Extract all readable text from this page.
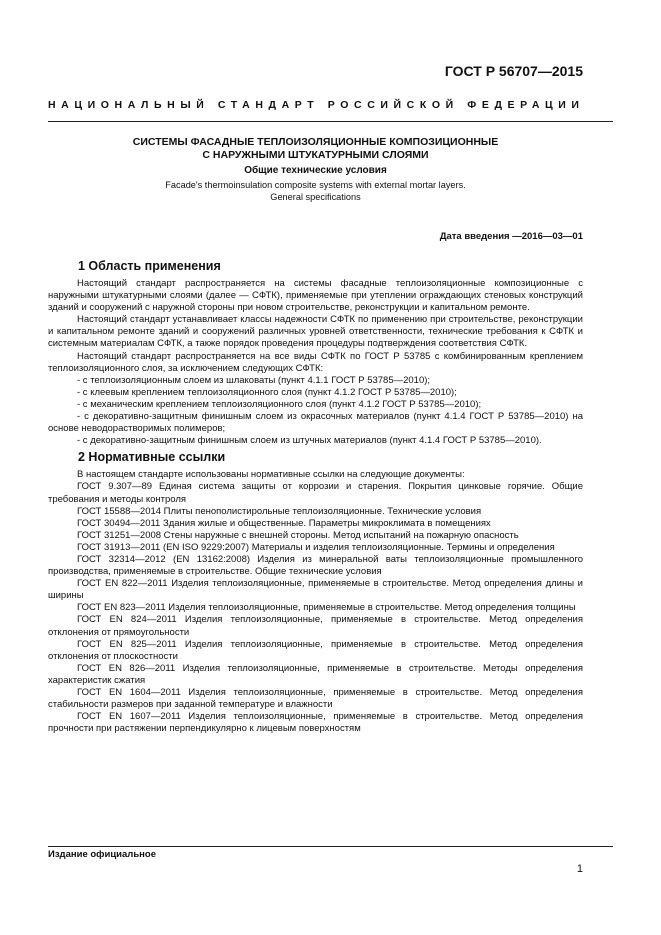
ГОСТ Р 56707—2015
НАЦИОНАЛЬНЫЙ СТАНДАРТ РОССИЙСКОЙ ФЕДЕРАЦИИ
СИСТЕМЫ ФАСАДНЫЕ ТЕПЛОИЗОЛЯЦИОННЫЕ КОМПОЗИЦИОННЫЕ
С НАРУЖНЫМИ ШТУКАТУРНЫМИ СЛОЯМИ
Общие технические условия
Facade's thermoinsulation composite systems with external mortar layers.
General specifications
Дата введения —2016—03—01
1 Область применения

Настоящий стандарт распространяется на системы фасадные теплоизоляционные композиционные с наружными штукатурными слоями (далее — СФТК), применяемые при утеплении ограждающих стеновых конструкций зданий и сооружений с наружной стороны при новом строительстве, реконструкции и капитальном ремонте.

Настоящий стандарт устанавливает классы надежности СФТК по применению при строительстве, реконструкции и капитальном ремонте зданий и сооружений различных уровней ответственности, технические требования к СФТК и системным материалам СФТК, а также порядок проведения процедуры подтверждения соответствия СФТК.

Настоящий стандарт распространяется на все виды СФТК по ГОСТ Р 53785 с комбинированным креплением теплоизоляционного слоя, за исключением следующих СФТК:

- с теплоизоляционным слоем из шлаковаты (пункт 4.1.1 ГОСТ Р 53785—2010);

- с клеевым креплением теплоизоляционного слоя (пункт 4.1.2 ГОСТ Р 53785—2010);

- с механическим креплением теплоизоляционного слоя (пункт 4.1.2 ГОСТ Р 53785—2010);

- с декоративно-защитным финишным слоем из окрасочных материалов (пункт 4.1.4 ГОСТ Р 53785—2010) на основе неводорастворимых полимеров;

- с декоративно-защитным финишным слоем из штучных материалов (пункт 4.1.4 ГОСТ Р 53785—2010).

2 Нормативные ссылки

В настоящем стандарте использованы нормативные ссылки на следующие документы:

ГОСТ 9.307—89 Единая система защиты от коррозии и старения. Покрытия цинковые горячие. Общие требования и методы контроля

ГОСТ 15588—2014 Плиты пенополистирольные теплоизоляционные. Технические условия

ГОСТ 30494—2011 Здания жилые и общественные. Параметры микроклимата в помещениях

ГОСТ 31251—2008 Стены наружные с внешней стороны. Метод испытаний на пожарную опасность

ГОСТ 31913—2011 (EN ISO 9229:2007) Материалы и изделия теплоизоляционные. Термины и определения

ГОСТ 32314—2012 (EN 13162:2008) Изделия из минеральной ваты теплоизоляционные промышленного производства, применяемые в строительстве. Общие технические условия

ГОСТ EN 822—2011 Изделия теплоизоляционные, применяемые в строительстве. Метод определения длины и ширины

ГОСТ EN 823—2011 Изделия теплоизоляционные, применяемые в строительстве. Метод определения толщины

ГОСТ EN 824—2011 Изделия теплоизоляционные, применяемые в строительстве. Метод определения отклонения от прямоугольности

ГОСТ EN 825—2011 Изделия теплоизоляционные, применяемые в строительстве. Метод определения отклонения от плоскостности

ГОСТ EN 826—2011 Изделия теплоизоляционные, применяемые в строительстве. Методы определения характеристик сжатия

ГОСТ EN 1604—2011 Изделия теплоизоляционные, применяемые в строительстве. Метод определения стабильности размеров при заданной температуре и влажности

ГОСТ EN 1607—2011 Изделия теплоизоляционные, применяемые в строительстве. Метод определения прочности при растяжении перпендикулярно к лицевым поверхностям

Издание официальное
1
